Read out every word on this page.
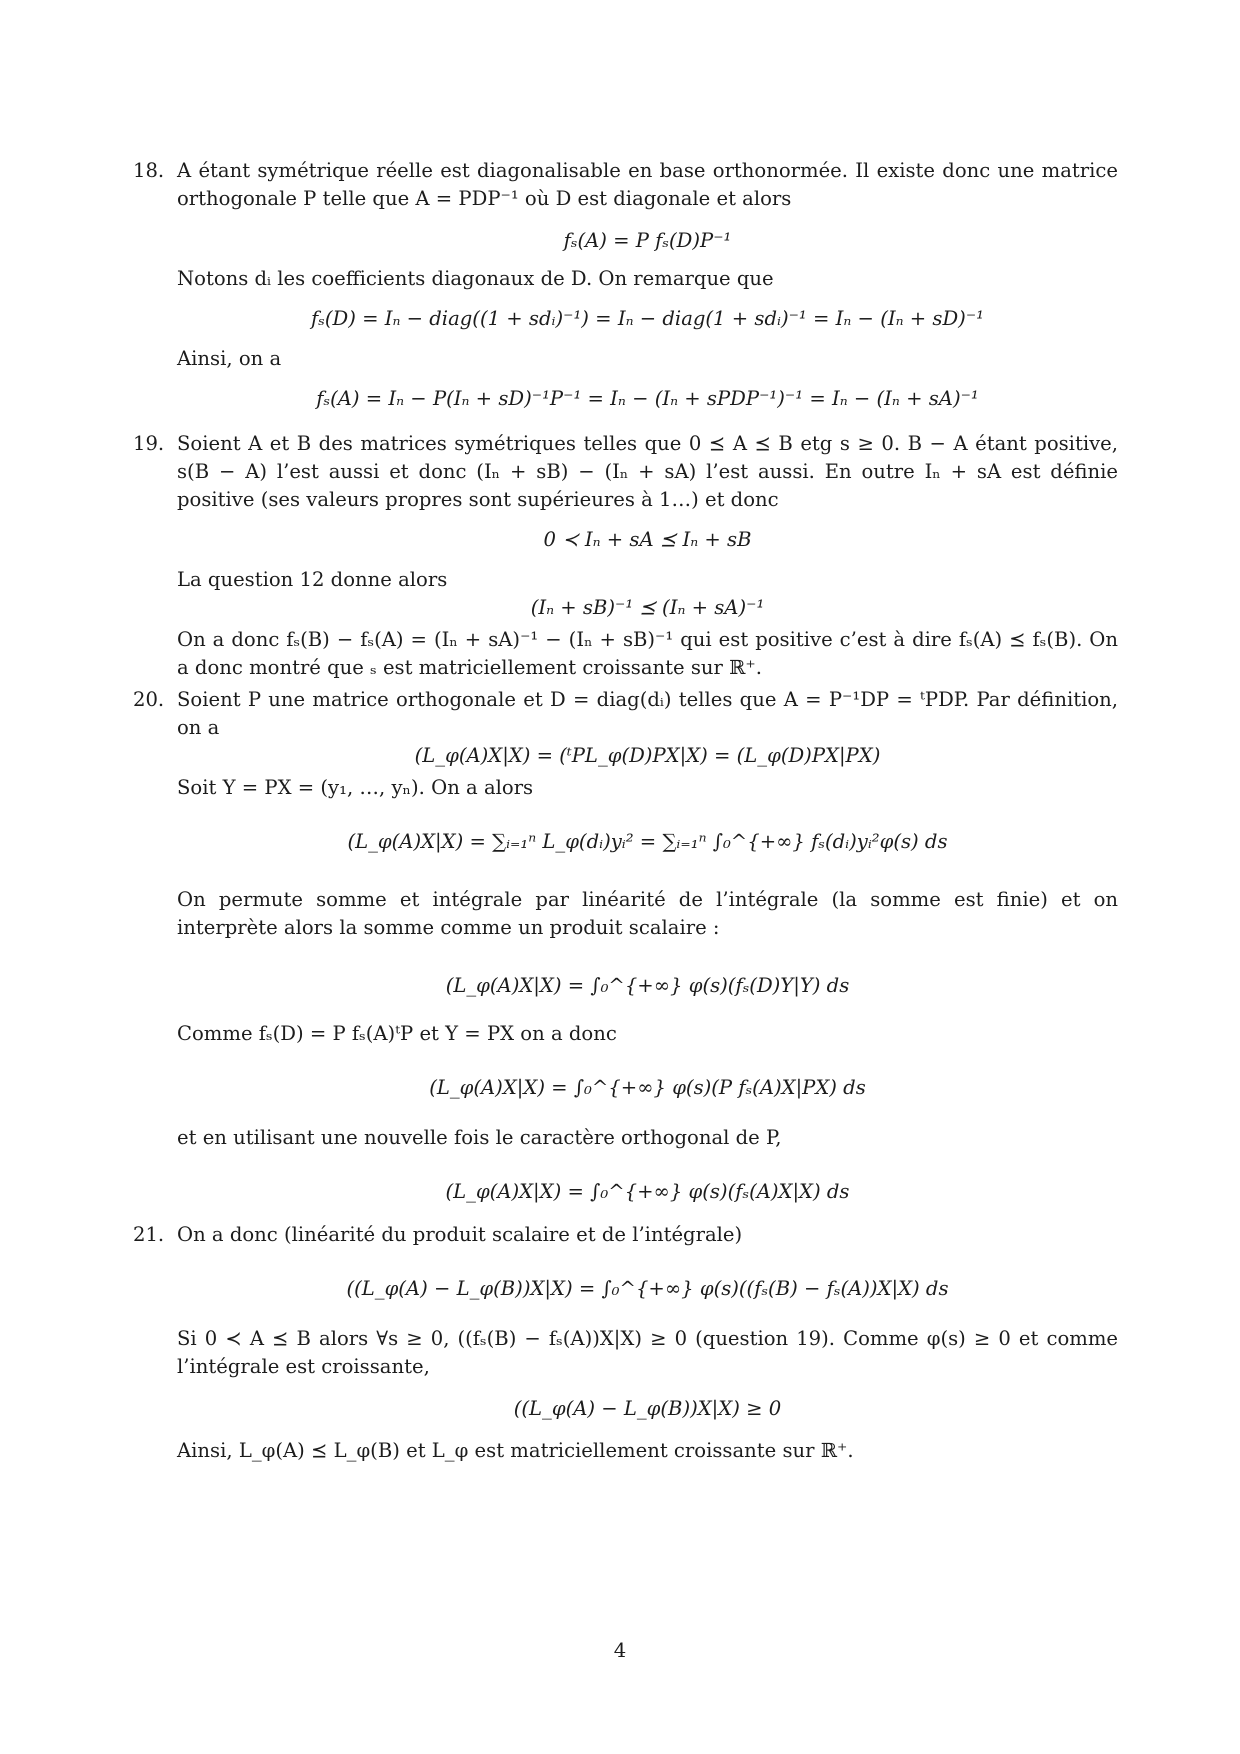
18. A étant symétrique réelle est diagonalisable en base orthonormée. Il existe donc une matrice orthogonale P telle que A = PDP⁻¹ où D est diagonale et alors

fₛ(A) = P fₛ(D)P⁻¹

Notons dᵢ les coefficients diagonaux de D. On remarque que

fₛ(D) = Iₙ − diag((1 + sdᵢ)⁻¹) = Iₙ − diag(1 + sdᵢ)⁻¹ = Iₙ − (Iₙ + sD)⁻¹

Ainsi, on a

fₛ(A) = Iₙ − P(Iₙ + sD)⁻¹P⁻¹ = Iₙ − (Iₙ + sPDP⁻¹)⁻¹ = Iₙ − (Iₙ + sA)⁻¹
19. Soient A et B des matrices symétriques telles que 0 ⪯ A ⪯ B etg s ≥ 0. B − A étant positive, s(B − A) l’est aussi et donc (Iₙ + sB) − (Iₙ + sA) l’est aussi. En outre Iₙ + sA est définie positive (ses valeurs propres sont supérieures à 1…) et donc

0 ≺ Iₙ + sA ⪯ Iₙ + sB

La question 12 donne alors

(Iₙ + sB)⁻¹ ⪯ (Iₙ + sA)⁻¹

On a donc fₛ(B) − fₛ(A) = (Iₙ + sA)⁻¹ − (Iₙ + sB)⁻¹ qui est positive c’est à dire fₛ(A) ⪯ fₛ(B). On a donc montré que ₛ est matriciellement croissante sur ℝ⁺.

20. Soient P une matrice orthogonale et D = diag(dᵢ) telles que A = P⁻¹DP = ᵗPDP. Par définition, on a

(L_φ(A)X|X) = (ᵗPL_φ(D)PX|X) = (L_φ(D)PX|PX)

Soit Y = PX = (y₁, …, yₙ). On a alors

(L_φ(A)X|X) = ∑ᵢ₌₁ⁿ L_φ(dᵢ)yᵢ² = ∑ᵢ₌₁ⁿ ∫₀^{+∞} fₛ(dᵢ)yᵢ²φ(s) ds

On permute somme et intégrale par linéarité de l’intégrale (la somme est finie) et on interprète alors la somme comme un produit scalaire :

(L_φ(A)X|X) = ∫₀^{+∞} φ(s)(fₛ(D)Y|Y) ds

Comme fₛ(D) = P fₛ(A)ᵗP et Y = PX on a donc

(L_φ(A)X|X) = ∫₀^{+∞} φ(s)(P fₛ(A)X|PX) ds

et en utilisant une nouvelle fois le caractère orthogonal de P,

(L_φ(A)X|X) = ∫₀^{+∞} φ(s)(fₛ(A)X|X) ds
21. On a donc (linéarité du produit scalaire et de l’intégrale)

((L_φ(A) − L_φ(B))X|X) = ∫₀^{+∞} φ(s)((fₛ(B) − fₛ(A))X|X) ds

Si 0 ≺ A ⪯ B alors ∀s ≥ 0, ((fₛ(B) − fₛ(A))X|X) ≥ 0 (question 19). Comme φ(s) ≥ 0 et comme l’intégrale est croissante,

((L_φ(A) − L_φ(B))X|X) ≥ 0

Ainsi, L_φ(A) ⪯ L_φ(B) et L_φ est matriciellement croissante sur ℝ⁺.

4
